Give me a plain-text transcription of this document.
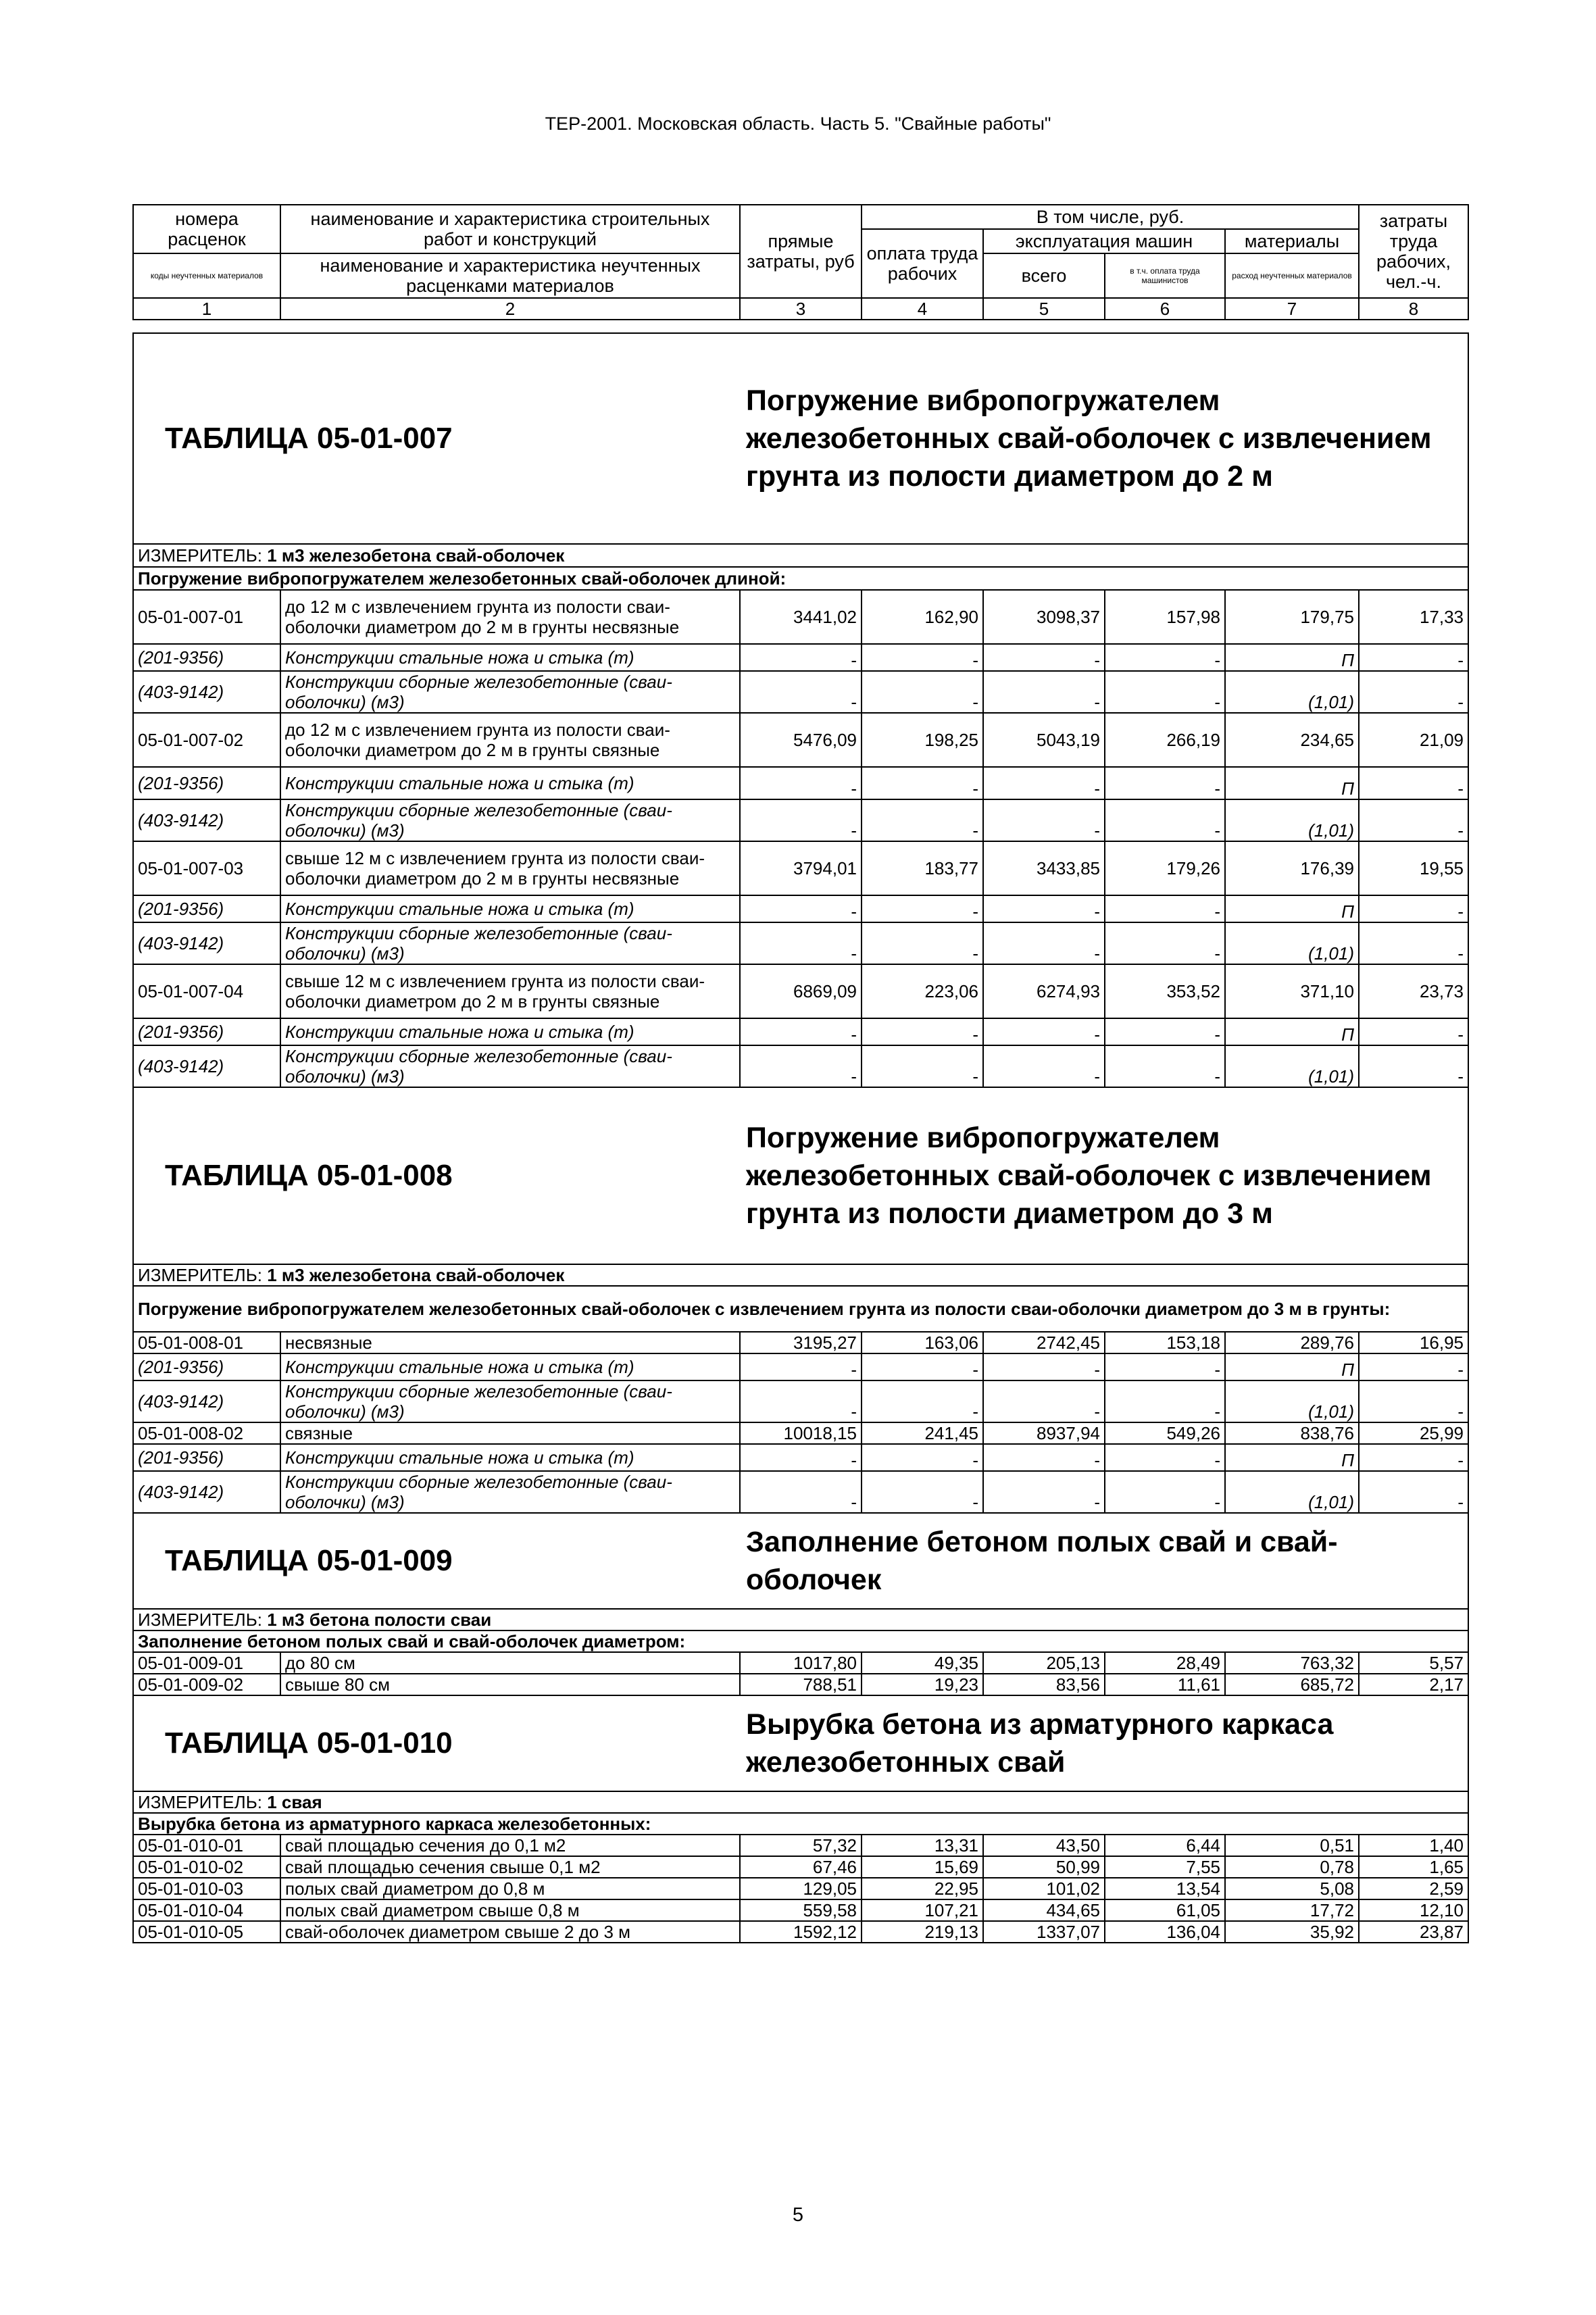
ТЕР-2001. Московская область. Часть 5. "Свайные работы"
номера расценок	наименование и характеристика строительных работ и конструкций	прямые затраты, руб	В том числе, руб.				затраты труда рабочих, чел.-ч.
			оплата труда рабочих	эксплуатация машин		материалы	
коды неучтенных материалов	наименование и характеристика неучтенных расценками материалов			всего	в т.ч. оплата труда машинистов	расход неучтенных материалов	
1	2	3	4	5	6	7	8
ТАБЛИЦА 05-01-007
Погружение вибропогружателем железобетонных свай-оболочек с извлечением грунта из полости диаметром до 2 м							

ИЗМЕРИТЕЛЬ: 1 м3 железобетона свай-оболочек							
Погружение вибропогружателем железобетонных свай-оболочек длиной:							
05-01-007-01	до 12 м с извлечением грунта из полости сваи-оболочки диаметром до 2 м в грунты несвязные	3441,02	162,90	3098,37	157,98	179,75	17,33
(201-9356)	Конструкции стальные ножа и стыка (т)	-	-	-	-	П	-
(403-9142)	Конструкции сборные железобетонные (сваи-оболочки) (м3)	-	-	-	-	(1,01)	-
05-01-007-02	до 12 м с извлечением грунта из полости сваи-оболочки диаметром до 2 м в грунты связные	5476,09	198,25	5043,19	266,19	234,65	21,09
(201-9356)	Конструкции стальные ножа и стыка (т)	-	-	-	-	П	-
(403-9142)	Конструкции сборные железобетонные (сваи-оболочки) (м3)	-	-	-	-	(1,01)	-
05-01-007-03	свыше 12 м с извлечением грунта из полости сваи-оболочки диаметром до 2 м в грунты несвязные	3794,01	183,77	3433,85	179,26	176,39	19,55
(201-9356)	Конструкции стальные ножа и стыка (т)	-	-	-	-	П	-
(403-9142)	Конструкции сборные железобетонные (сваи-оболочки) (м3)	-	-	-	-	(1,01)	-
05-01-007-04	свыше 12 м с извлечением грунта из полости сваи-оболочки диаметром до 2 м в грунты связные	6869,09	223,06	6274,93	353,52	371,10	23,73
(201-9356)	Конструкции стальные ножа и стыка (т)	-	-	-	-	П	-
(403-9142)	Конструкции сборные железобетонные (сваи-оболочки) (м3)	-	-	-	-	(1,01)	-

ТАБЛИЦА 05-01-008
Погружение вибропогружателем железобетонных свай-оболочек с извлечением грунта из полости диаметром до 3 м							

ИЗМЕРИТЕЛЬ: 1 м3 железобетона свай-оболочек							
Погружение вибропогружателем железобетонных свай-оболочек с извлечением грунта из полости сваи-оболочки диаметром до 3 м в грунты:							
05-01-008-01	несвязные	3195,27	163,06	2742,45	153,18	289,76	16,95
(201-9356)	Конструкции стальные ножа и стыка (т)	-	-	-	-	П	-
(403-9142)	Конструкции сборные железобетонные (сваи-оболочки) (м3)	-	-	-	-	(1,01)	-
05-01-008-02	связные	10018,15	241,45	8937,94	549,26	838,76	25,99
(201-9356)	Конструкции стальные ножа и стыка (т)	-	-	-	-	П	-
(403-9142)	Конструкции сборные железобетонные (сваи-оболочки) (м3)	-	-	-	-	(1,01)	-

ТАБЛИЦА 05-01-009
Заполнение бетоном полых свай и свай-оболочек							

ИЗМЕРИТЕЛЬ: 1 м3 бетона полости сваи							
Заполнение бетоном полых свай и свай-оболочек диаметром:							
05-01-009-01	до 80 см	1017,80	49,35	205,13	28,49	763,32	5,57
05-01-009-02	свыше 80 см	788,51	19,23	83,56	11,61	685,72	2,17

ТАБЛИЦА 05-01-010
Вырубка бетона из арматурного каркаса железобетонных свай							

ИЗМЕРИТЕЛЬ: 1 свая							
Вырубка бетона из арматурного каркаса железобетонных:							
05-01-010-01	свай площадью сечения до 0,1 м2	57,32	13,31	43,50	6,44	0,51	1,40
05-01-010-02	свай площадью сечения свыше 0,1 м2	67,46	15,69	50,99	7,55	0,78	1,65
05-01-010-03	полых свай диаметром до 0,8 м	129,05	22,95	101,02	13,54	5,08	2,59
05-01-010-04	полых свай диаметром свыше 0,8 м	559,58	107,21	434,65	61,05	17,72	12,10
05-01-010-05	свай-оболочек диаметром свыше 2 до 3 м	1592,12	219,13	1337,07	136,04	35,92	23,87
5
